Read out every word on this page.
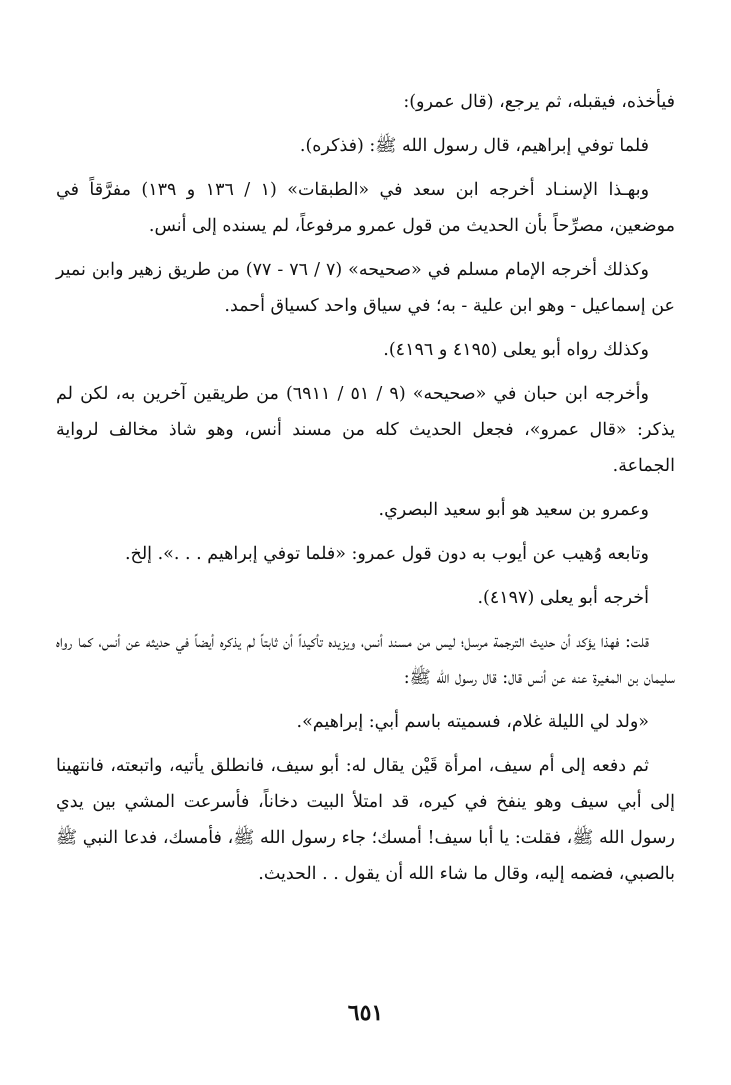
فيأخذه، فيقبله، ثم يرجع، (قال عمرو):

فلما توفي إبراهيم، قال رسول الله ﷺ: (فذكره).

وبهـذا الإسنـاد أخرجه ابن سعد في «الطبقات» (١ / ١٣٦ و ١٣٩) مفرَّقاً في موضعين، مصرِّحاً بأن الحديث من قول عمرو مرفوعاً، لم يسنده إلى أنس.

وكذلك أخرجه الإمام مسلم في «صحيحه» (٧ / ٧٦ - ٧٧) من طريق زهير وابن نمير عن إسماعيل - وهو ابن علية - به؛ في سياق واحد كسياق أحمد.

وكذلك رواه أبو يعلى (٤١٩٥ و ٤١٩٦).

وأخرجه ابن حبان في «صحيحه» (٩ / ٥١ / ٦٩١١) من طريقين آخرين به، لكن لم يذكر: «قال عمرو»، فجعل الحديث كله من مسند أنس، وهو شاذ مخالف لرواية الجماعة.

وعمرو بن سعيد هو أبو سعيد البصري.

وتابعه وُهيب عن أيوب به دون قول عمرو: «فلما توفي إبراهيم . . .». إلخ.

أخرجه أبو يعلى (٤١٩٧).

قلت: فهذا يؤكد أن حديث الترجمة مرسل؛ ليس من مسند أنس، ويزيده تأكيداً أن ثابتاً لم يذكره أيضاً في حديثه عن أنس، كما رواه سليمان بن المغيرة عنه عن أنس قال: قال رسول الله ﷺ:

«ولد لي الليلة غلام، فسميته باسم أبي: إبراهيم».

ثم دفعه إلى أم سيف، امرأة قَيْن يقال له: أبو سيف، فانطلق يأتيه، واتبعته، فانتهينا إلى أبي سيف وهو ينفخ في كيره، قد امتلأ البيت دخاناً، فأسرعت المشي بين يدي رسول الله ﷺ، فقلت: يا أبا سيف! أمسك؛ جاء رسول الله ﷺ، فأمسك، فدعا النبي ﷺ بالصبي، فضمه إليه، وقال ما شاء الله أن يقول . . الحديث.

٦٥١
